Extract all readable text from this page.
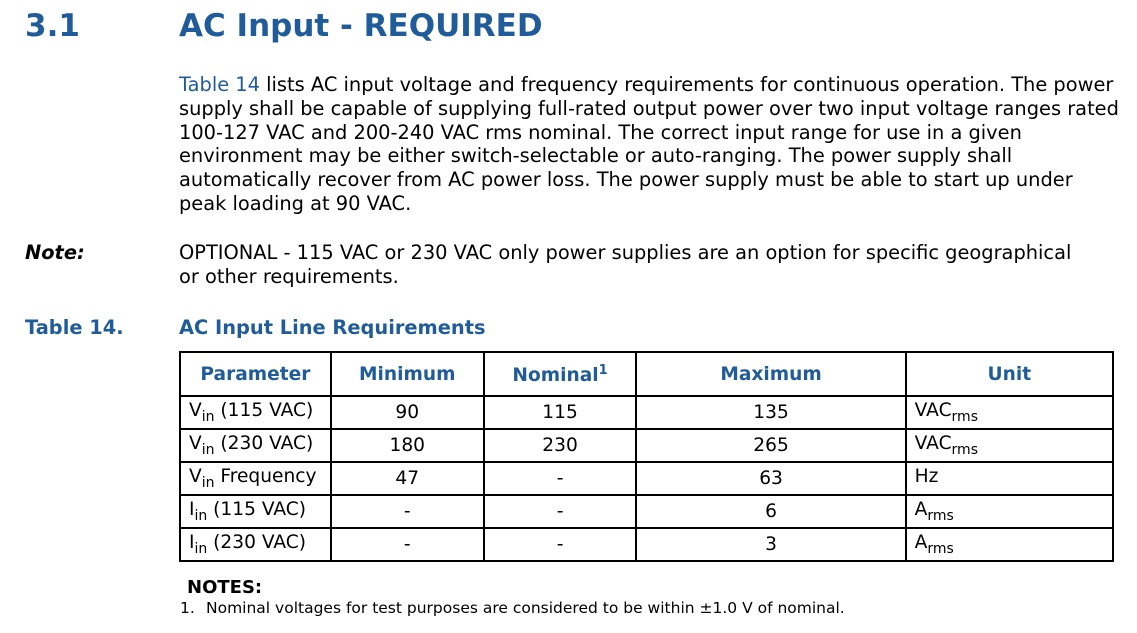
3.1	AC Input - REQUIRED

Table 14 lists AC input voltage and frequency requirements for continuous operation. The power supply shall be capable of supplying full-rated output power over two input voltage ranges rated 100-127 VAC and 200-240 VAC rms nominal. The correct input range for use in a given environment may be either switch-selectable or auto-ranging. The power supply shall automatically recover from AC power loss. The power supply must be able to start up under peak loading at 90 VAC.

Note:	OPTIONAL - 115 VAC or 230 VAC only power supplies are an option for specific geographical or other requirements.

Table 14.	AC Input Line Requirements

Parameter	Minimum	Nominal$^1$	Maximum	Unit
$V_{in}$ (115 VAC)	90	115	135	$VAC_{rms}$
$V_{in}$ (230 VAC)	180	230	265	$VAC_{rms}$
$V_{in}$ Frequency	47	-	63	Hz
$I_{in}$ (115 VAC)	-	-	6	$A_{rms}$
$I_{in}$ (230 VAC)	-	-	3	$A_{rms}$

NOTES:

1. Nominal voltages for test purposes are considered to be within ±1.0 V of nominal.
